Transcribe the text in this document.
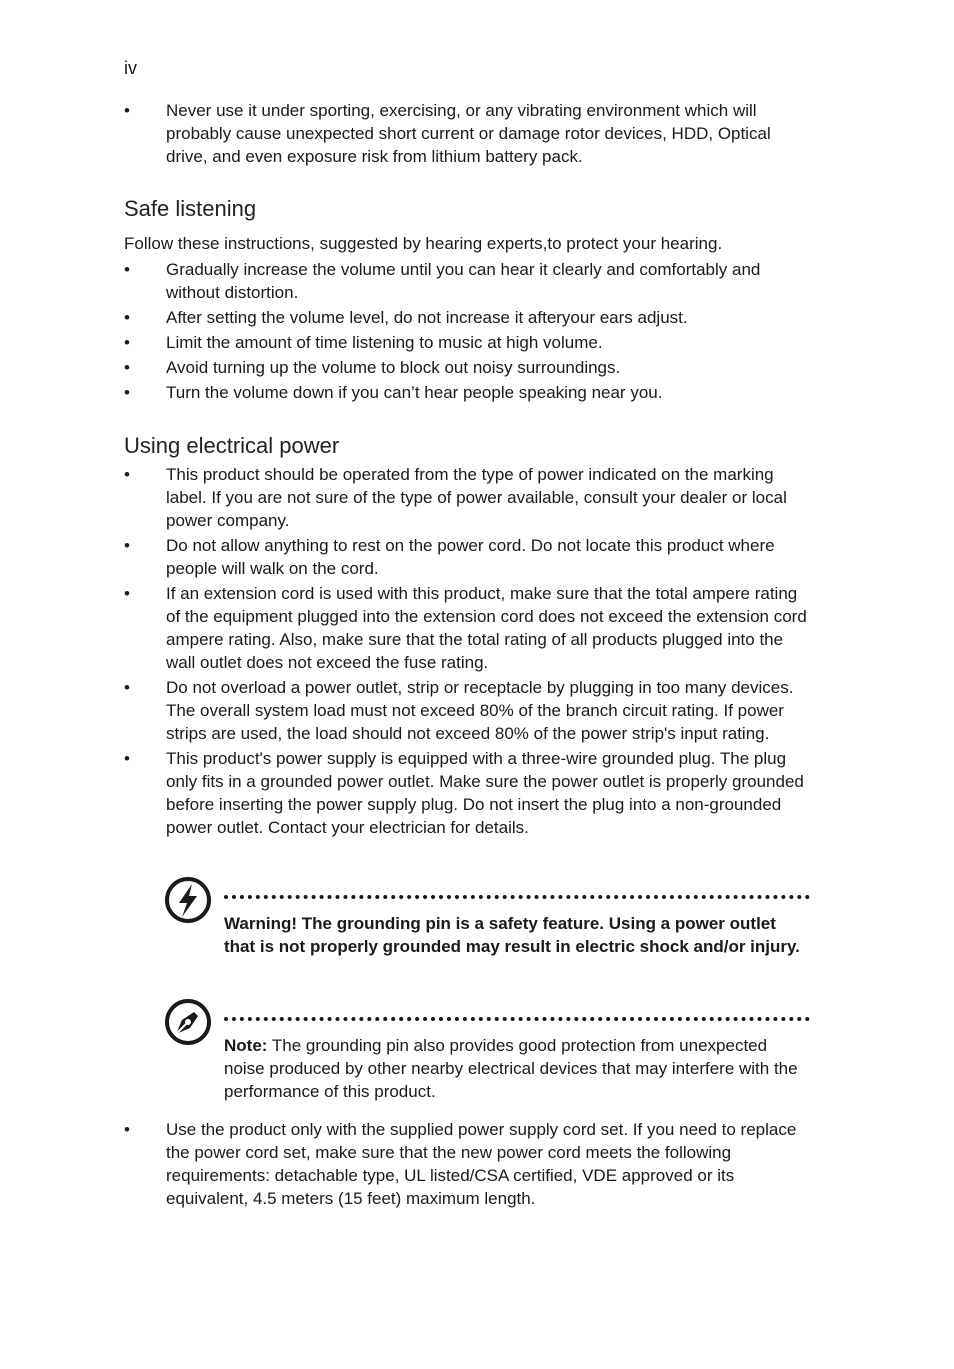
iv
• Never use it under sporting, exercising, or any vibrating environment which will probably cause unexpected short current or damage rotor devices, HDD, Optical drive, and even exposure risk from lithium battery pack.
Safe listening
Follow these instructions, suggested by hearing experts,to protect your hearing.
• Gradually increase the volume until you can hear it clearly and comfortably and without distortion.
• After setting the volume level, do not increase it afteryour ears adjust.
• Limit the amount of time listening to music at high volume.
• Avoid turning up the volume to block out noisy surroundings.
• Turn the volume down if you can’t hear people speaking near you.
Using electrical power
• This product should be operated from the type of power indicated on the marking label. If you are not sure of the type of power available, consult your dealer or local power company.
• Do not allow anything to rest on the power cord. Do not locate this product where people will walk on the cord.
• If an extension cord is used with this product, make sure that the total ampere rating of the equipment plugged into the extension cord does not exceed the extension cord ampere rating. Also, make sure that the total rating of all products plugged into the wall outlet does not exceed the fuse rating.
• Do not overload a power outlet, strip or receptacle by plugging in too many devices. The overall system load must not exceed 80% of the branch circuit rating. If power strips are used, the load should not exceed 80% of the power strip's input rating.
• This product's power supply is equipped with a three-wire grounded plug. The plug only fits in a grounded power outlet. Make sure the power outlet is properly grounded before inserting the power supply plug. Do not insert the plug into a non-grounded power outlet. Contact your electrician for details.
Warning! The grounding pin is a safety feature. Using a power outlet that is not properly grounded may result in electric shock and/or injury.
Note: The grounding pin also provides good protection from unexpected noise produced by other nearby electrical devices that may interfere with the performance of this product.
• Use the product only with the supplied power supply cord set. If you need to replace the power cord set, make sure that the new power cord meets the following requirements: detachable type, UL listed/CSA certified, VDE approved or its equivalent, 4.5 meters (15 feet) maximum length.
